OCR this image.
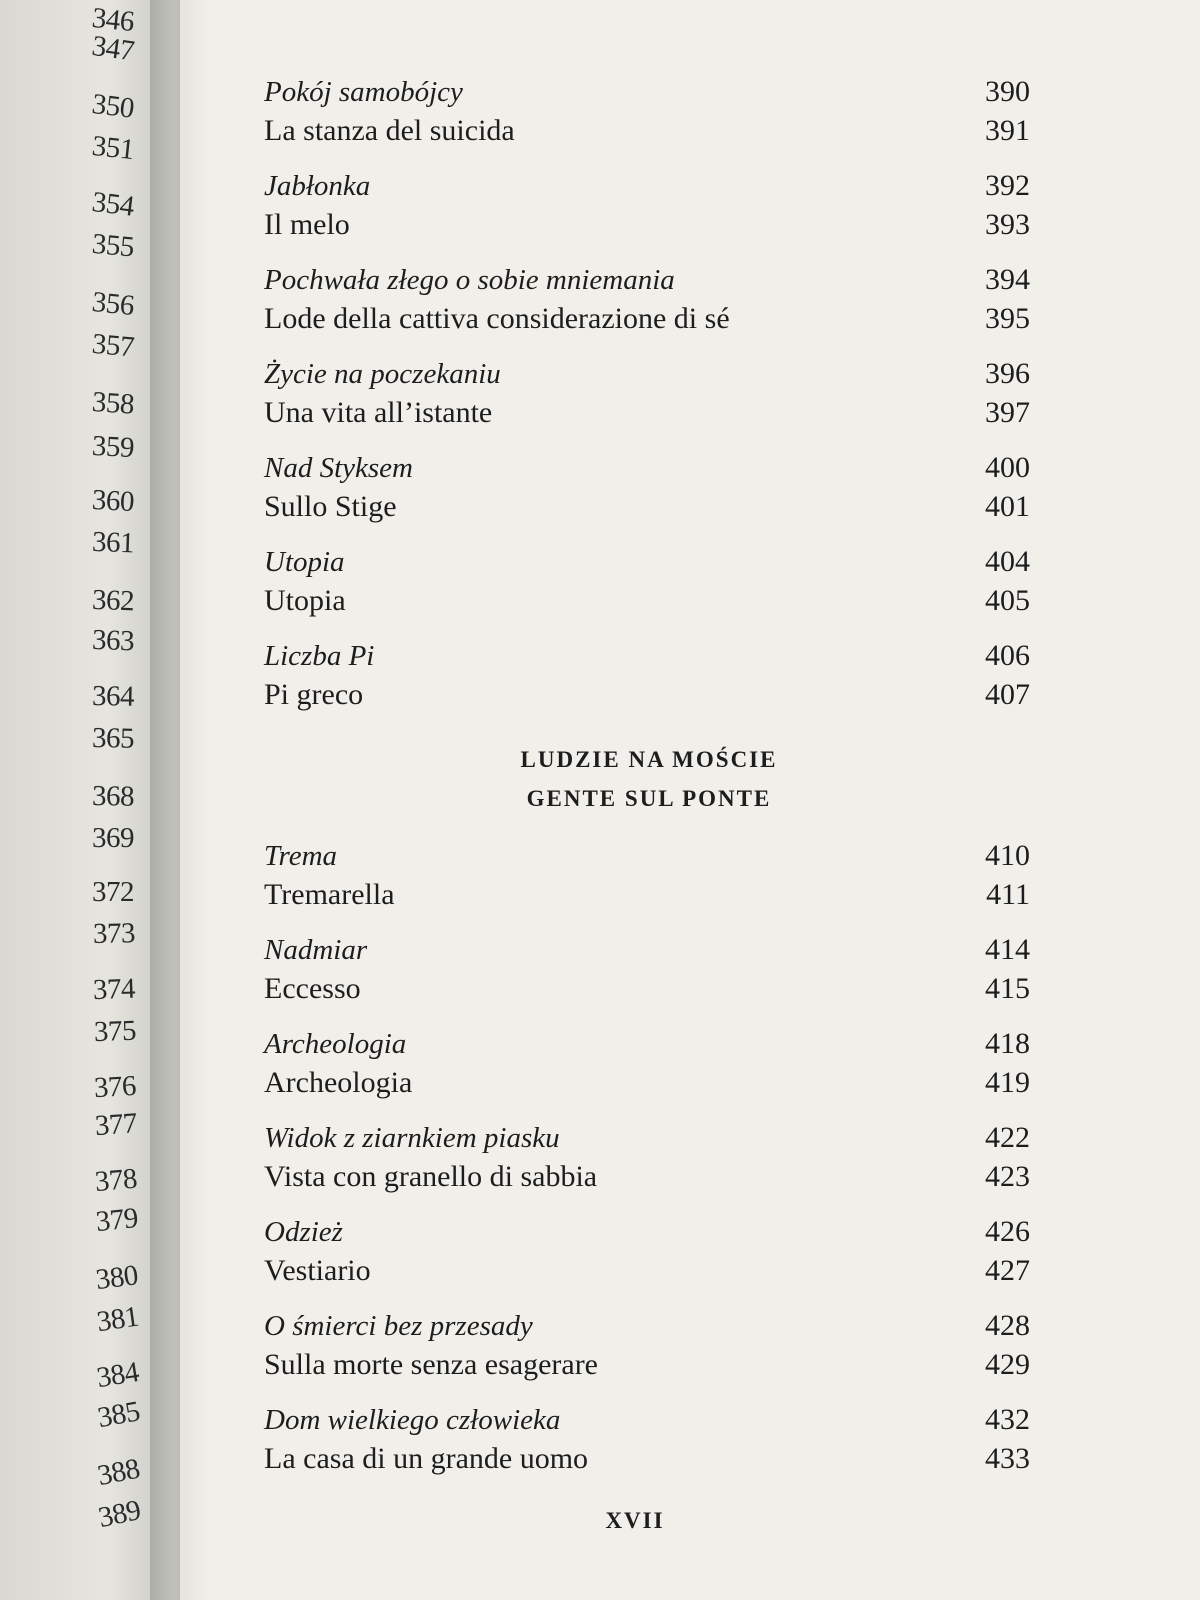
346
347
350
351
354
355
356
357
358
359
360
361
362
363
364
365
368
369
372
373
374
375
376
377
378
379
380
381
384
385
388
389
Pokój samobójcy	390
La stanza del suicida	391
Jabłonka	392
Il melo	393
Pochwała złego o sobie mniemania	394
Lode della cattiva considerazione di sé	395
Życie na poczekaniu	396
Una vita all’istante	397
Nad Styksem	400
Sullo Stige	401
Utopia	404
Utopia	405
Liczba Pi	406
Pi greco	407
LUDZIE NA MOŚCIE
GENTE SUL PONTE
Trema	410
Tremarella	411
Nadmiar	414
Eccesso	415
Archeologia	418
Archeologia	419
Widok z ziarnkiem piasku	422
Vista con granello di sabbia	423
Odzież	426
Vestiario	427
O śmierci bez przesady	428
Sulla morte senza esagerare	429
Dom wielkiego człowieka	432
La casa di un grande uomo	433
XVII
